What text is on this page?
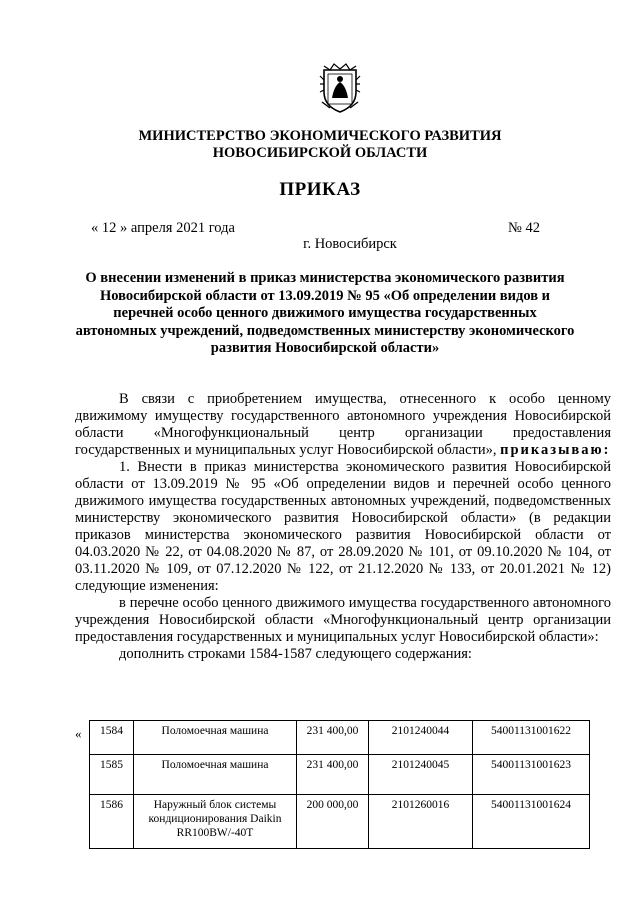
МИНИСТЕРСТВО ЭКОНОМИЧЕСКОГО РАЗВИТИЯ
НОВОСИБИРСКОЙ ОБЛАСТИ
ПРИКАЗ
« 12 » апреля 2021 года	№ 42
г. Новосибирск
О внесении изменений в приказ министерства экономического развития Новосибирской области от 13.09.2019 № 95 «Об определении видов и перечней особо ценного движимого имущества государственных автономных учреждений, подведомственных министерству экономического развития Новосибирской области»

В связи с приобретением имущества, отнесенного к особо ценному движимому имуществу государственного автономного учреждения Новосибирской области «Многофункциональный центр организации предоставления государственных и муниципальных услуг Новосибирской области», приказываю:

1. Внести в приказ министерства экономического развития Новосибирской области от 13.09.2019 № 95 «Об определении видов и перечней особо ценного движимого имущества государственных автономных учреждений, подведомственных министерству экономического развития Новосибирской области» (в редакции приказов министерства экономического развития Новосибирской области от 04.03.2020 № 22, от 04.08.2020 № 87, от 28.09.2020 № 101, от 09.10.2020 № 104, от 03.11.2020 № 109, от 07.12.2020 № 122, от 21.12.2020 № 133, от 20.01.2021 № 12) следующие изменения:

в перечне особо ценного движимого имущества государственного автономного учреждения Новосибирской области «Многофункциональный центр организации предоставления государственных и муниципальных услуг Новосибирской области»:

дополнить строками 1584-1587 следующего содержания:

« 1584	Поломоечная машина	231 400,00	2101240044	54001131001622
1585	Поломоечная машина	231 400,00	2101240045	54001131001623
1586	Наружный блок системы кондиционирования Daikin RR100BW/-40T	200 000,00	2101260016	54001131001624
